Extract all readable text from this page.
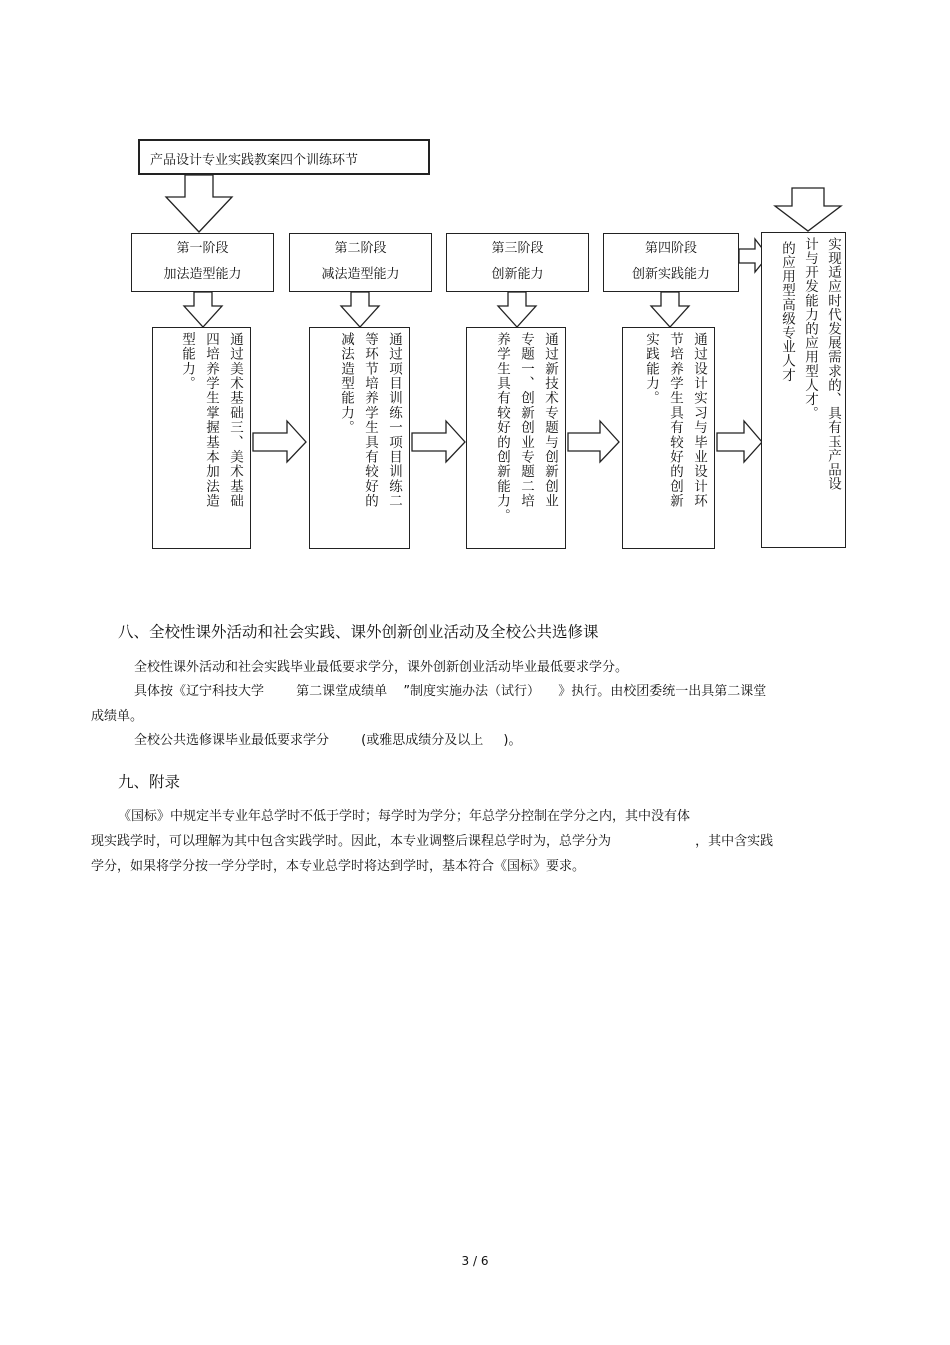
产品设计专业实践教案四个训练环节
第一阶段
加法造型能力
第二阶段
减法造型能力
第三阶段
创新能力
第四阶段
创新实践能力
通过美术基础三、美术基础
四培养学生掌握基本加法造
型能力。	通过项目训练一项目训练二
等环节培养学生具有较好的
减法造型能力。	通过新技术专题与创新创业
专题一、创新创业专题二培
养学生具有较好的创新能力。	通过设计实习与毕业设计环
节培养学生具有较好的创新
实践能力。	实现适应时代发展需求的、具有玉产品设
计与开发能力的应用型人才。
的应用型高级专业人才
八、全校性课外活动和社会实践、课外创新创业活动及全校公共选修课
全校性课外活动和社会实践毕业最低要求学分，课外创新创业活动毕业最低要求学分。
具体按《辽宁科技大学 第二课堂成绩单 ”制度实施办法（试行） 》执行。由校团委统一出具第二课堂
成绩单。
全校公共选修课毕业最低要求学分 (或雅思成绩分及以上 )。
九、附录
《国标》中规定半专业年总学时不低于学时；每学时为学分；年总学分控制在学分之内，其中没有体
现实践学时，可以理解为其中包含实践学时。因此，本专业调整后课程总学时为，总学分为	，其中含实践
学分，如果将学分按一学分学时，本专业总学时将达到学时，基本符合《国标》要求。
3 / 6
